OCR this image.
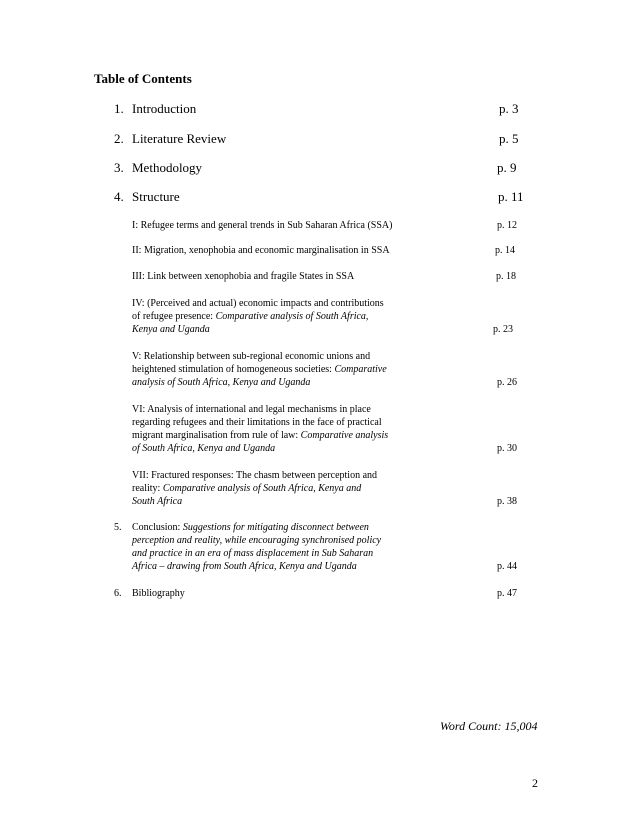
Table of Contents
1. Introduction	p. 3
2. Literature Review	p. 5
3. Methodology	p. 9
4. Structure	p. 11
I: Refugee terms and general trends in Sub Saharan Africa (SSA)	p. 12
II: Migration, xenophobia and economic marginalisation in SSA	p. 14
III: Link between xenophobia and fragile States in SSA	p. 18
IV: (Perceived and actual) economic impacts and contributions
of refugee presence: Comparative analysis of South Africa,
Kenya and Uganda	p. 23
V: Relationship between sub-regional economic unions and
heightened stimulation of homogeneous societies: Comparative
analysis of South Africa, Kenya and Uganda	p. 26
VI: Analysis of international and legal mechanisms in place
regarding refugees and their limitations in the face of practical
migrant marginalisation from rule of law: Comparative analysis
of South Africa, Kenya and Uganda	p. 30
VII: Fractured responses: The chasm between perception and
reality: Comparative analysis of South Africa, Kenya and
South Africa	p. 38
5. Conclusion: Suggestions for mitigating disconnect between
perception and reality, while encouraging synchronised policy
and practice in an era of mass displacement in Sub Saharan
Africa – drawing from South Africa, Kenya and Uganda	p. 44
6. Bibliography	p. 47
Word Count: 15,004
2
